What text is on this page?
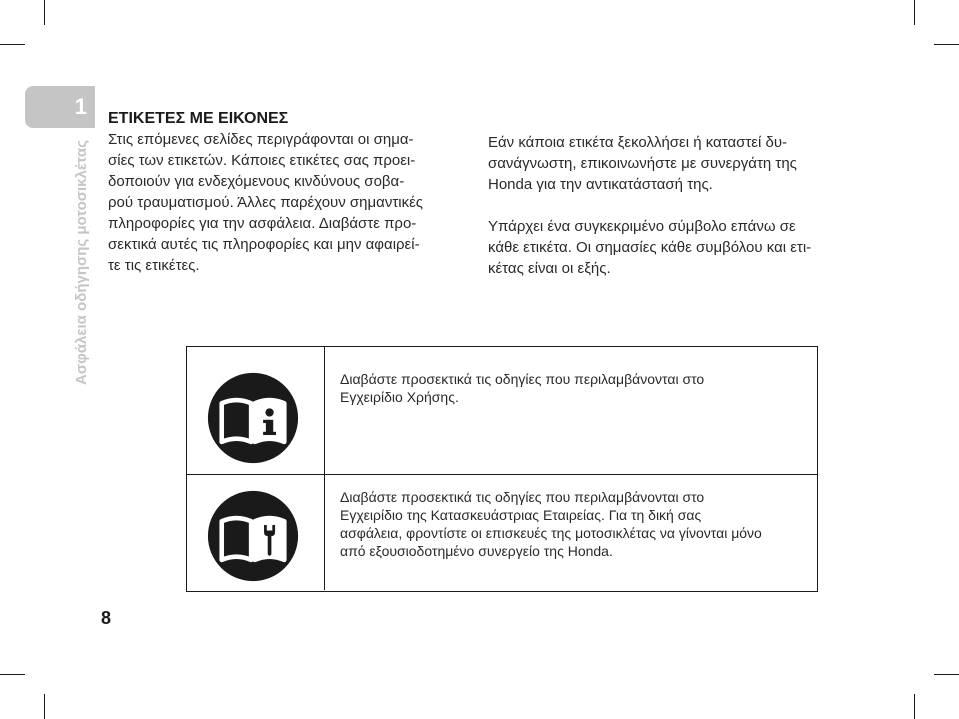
1
Ασφάλεια οδήγησης μοτοσικλέτας
8
ΕΤΙΚΕΤΕΣ ΜΕ ΕΙΚΟΝΕΣ

Στις επόμενες σελίδες περιγράφονται οι σημα-

σίες των ετικετών. Κάποιες ετικέτες σας προει-

δοποιούν για ενδεχόμενους κινδύνους σοβα-

ρού τραυματισμού. Άλλες παρέχουν σημαντικές

πληροφορίες για την ασφάλεια. Διαβάστε προ-

σεκτικά αυτές τις πληροφορίες και μην αφαιρεί-

τε τις ετικέτες.

Εάν κάποια ετικέτα ξεκολλήσει ή καταστεί δυ-
σανάγνωστη, επικοινωνήστε με συνεργάτη της
Honda για την αντικατάστασή της.
Υπάρχει ένα συγκεκριμένο σύμβολο επάνω σε
κάθε ετικέτα. Οι σημασίες κάθε συμβόλου και ετι-
κέτας είναι οι εξής.

Διαβάστε προσεκτικά τις οδηγίες που περιλαμβάνονται στο

Εγχειρίδιο Χρήσης.

Διαβάστε προσεκτικά τις οδηγίες που περιλαμβάνονται στο

Εγχειρίδιο της Κατασκευάστριας Εταιρείας. Για τη δική σας

ασφάλεια, φροντίστε οι επισκευές της μοτοσικλέτας να γίνονται μόνο

από εξουσιοδοτημένο συνεργείο της Honda.
